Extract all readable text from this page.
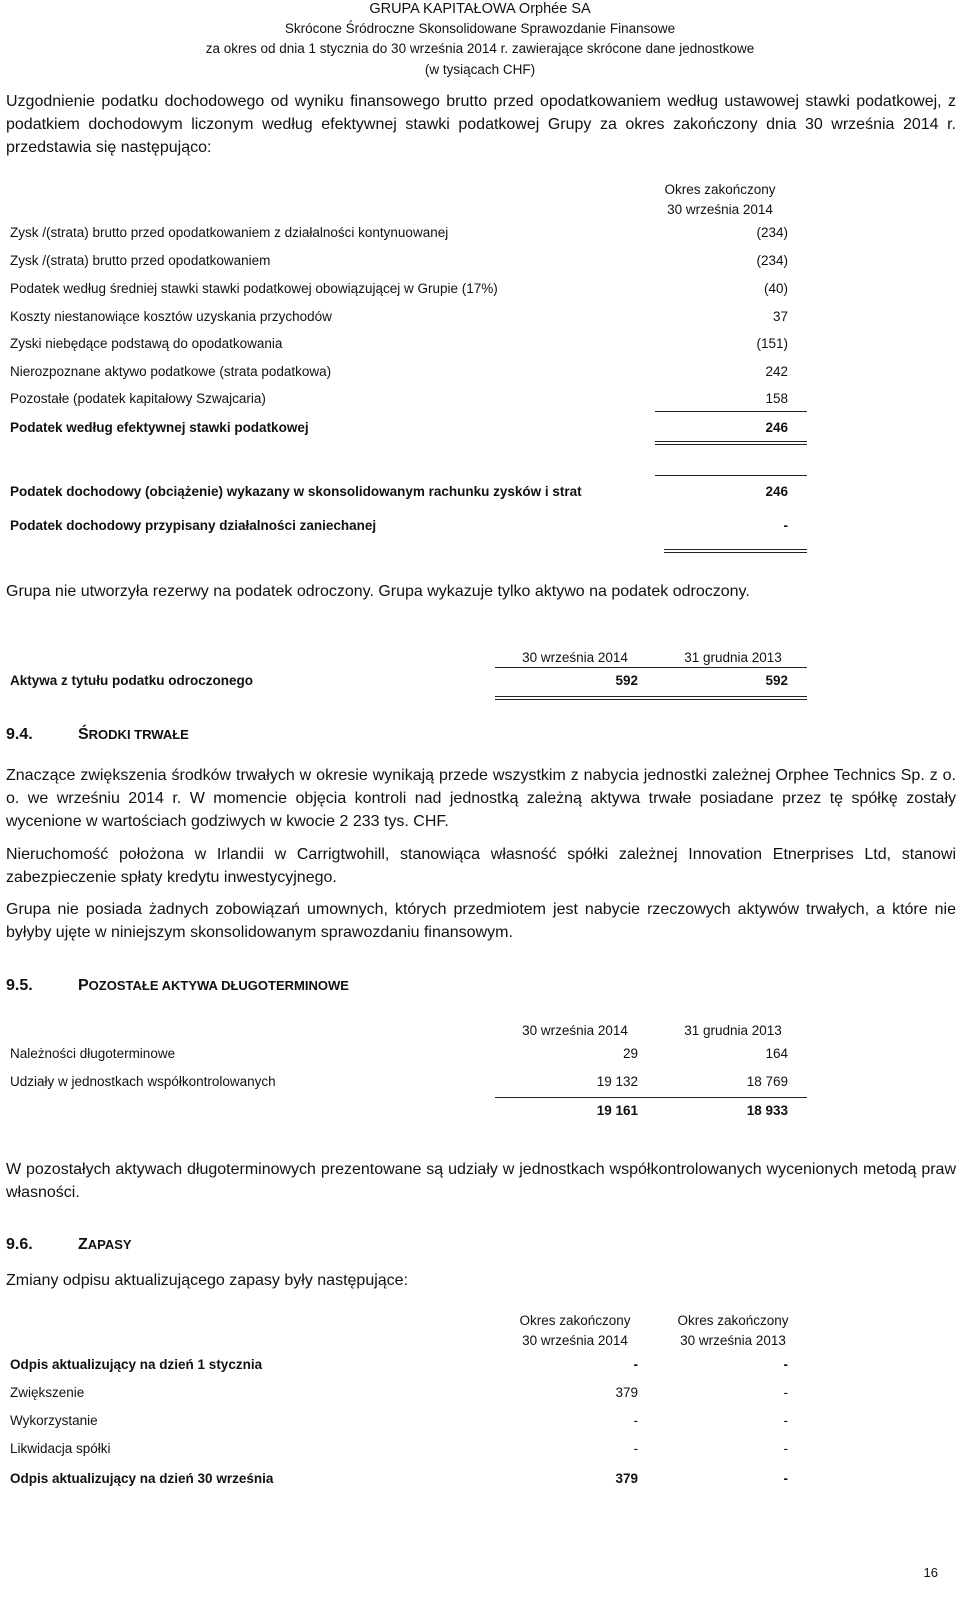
GRUPA KAPITAŁOWA Orphée SA
Skrócone Śródroczne Skonsolidowane Sprawozdanie Finansowe
za okres od dnia 1 stycznia do 30 września 2014 r. zawierające skrócone dane jednostkowe
(w tysiącach CHF)
Uzgodnienie podatku dochodowego od wyniku finansowego brutto przed opodatkowaniem według ustawowej stawki podatkowej, z podatkiem dochodowym liczonym według efektywnej stawki podatkowej Grupy za okres zakończony dnia 30 września 2014 r. przedstawia się następująco:
Okres zakończony
30 września 2014
Zysk /(strata) brutto przed opodatkowaniem z działalności kontynuowanej	(234)
Zysk /(strata) brutto przed opodatkowaniem	(234)
Podatek według średniej stawki stawki podatkowej obowiązującej w Grupie (17%)	(40)
Koszty niestanowiące kosztów uzyskania przychodów	37
Zyski niebędące podstawą do opodatkowania	(151)
Nierozpoznane aktywo podatkowe (strata podatkowa)	242
Pozostałe (podatek kapitałowy Szwajcaria)	158
Podatek według efektywnej stawki podatkowej	246
Podatek dochodowy (obciążenie) wykazany w skonsolidowanym rachunku zysków i strat	246
Podatek dochodowy przypisany działalności zaniechanej	-
Grupa nie utworzyła rezerwy na podatek odroczony. Grupa wykazuje tylko aktywo na podatek odroczony.
30 września 2014	31 grudnia 2013
Aktywa z tytułu podatku odroczonego	592	592
9.4.	ŚRODKI TRWAŁE
Znaczące zwiększenia środków trwałych w okresie wynikają przede wszystkim z nabycia jednostki zależnej Orphee Technics Sp. z o. o. we wrześniu 2014 r. W momencie objęcia kontroli nad jednostką zależną aktywa trwałe posiadane przez tę spółkę zostały wycenione w wartościach godziwych w kwocie 2 233 tys. CHF.
Nieruchomość położona w Irlandii w Carrigtwohill, stanowiąca własność spółki zależnej Innovation Etnerprises Ltd, stanowi zabezpieczenie spłaty kredytu inwestycyjnego.
Grupa nie posiada żadnych zobowiązań umownych, których przedmiotem jest nabycie rzeczowych aktywów trwałych, a które nie byłyby ujęte w niniejszym skonsolidowanym sprawozdaniu finansowym.
9.5.	POZOSTAŁE AKTYWA DŁUGOTERMINOWE
30 września 2014	31 grudnia 2013
Należności długoterminowe	29	164
Udziały w jednostkach współkontrolowanych	19 132	18 769
19 161	18 933
W pozostałych aktywach długoterminowych prezentowane są udziały w jednostkach współkontrolowanych wycenionych metodą praw własności.
9.6.	ZAPASY
Zmiany odpisu aktualizującego zapasy były następujące:
Okres zakończony
30 września 2014
Okres zakończony
30 września 2013
Odpis aktualizujący na dzień 1 stycznia	-	-
Zwiększenie	379	-
Wykorzystanie	-	-
Likwidacja spółki	-	-
Odpis aktualizujący na dzień 30 września	379	-
16
